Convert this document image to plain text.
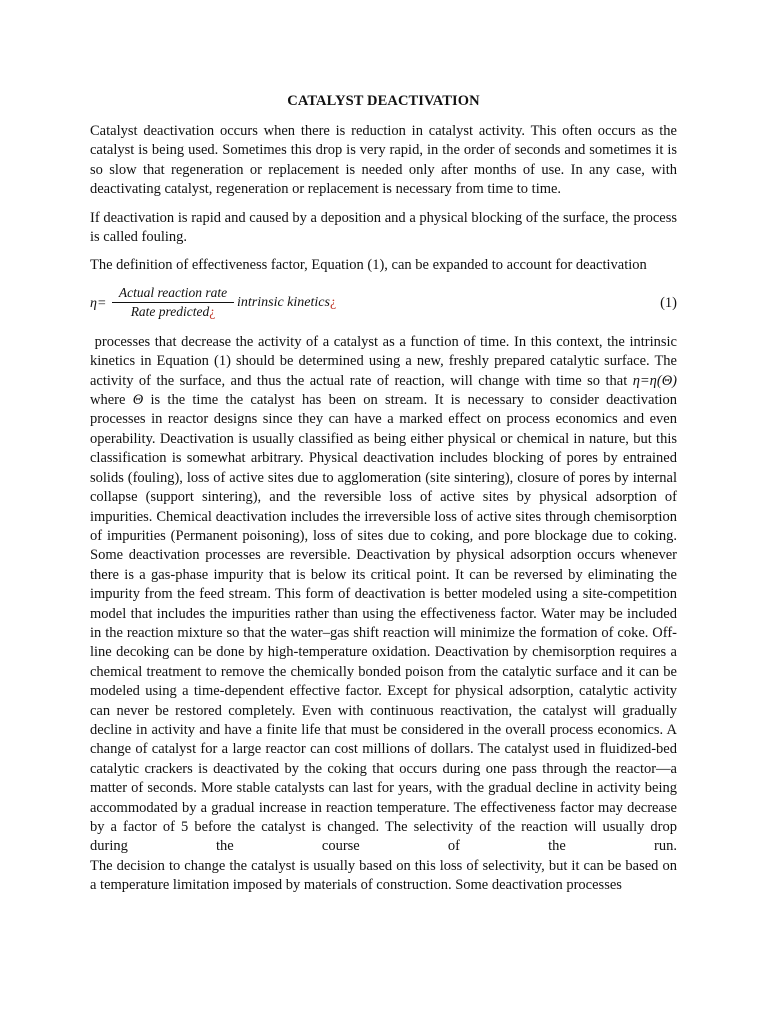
CATALYST DEACTIVATION

Catalyst deactivation occurs when there is reduction in catalyst activity. This often occurs as the catalyst is being used. Sometimes this drop is very rapid, in the order of seconds and sometimes it is so slow that regeneration or replacement is needed only after months of use. In any case, with deactivating catalyst, regeneration or replacement is necessary from time to time.

If deactivation is rapid and caused by a deposition and a physical blocking of the surface, the process is called fouling.

The definition of effectiveness factor, Equation (1), can be expanded to account for deactivation

η=
Actual reaction rate
Rate predicted¿
intrinsic kinetics¿	(1)

processes that decrease the activity of a catalyst as a function of time. In this context, the intrinsic kinetics in Equation (1) should be determined using a new, freshly prepared catalytic surface. The activity of the surface, and thus the actual rate of reaction, will change with time so that η=η(Θ) where Θ is the time the catalyst has been on stream. It is necessary to consider deactivation processes in reactor designs since they can have a marked effect on process economics and even operability. Deactivation is usually classified as being either physical or chemical in nature, but this classification is somewhat arbitrary. Physical deactivation includes blocking of pores by entrained solids (fouling), loss of active sites due to agglomeration (site sintering), closure of pores by internal collapse (support sintering), and the reversible loss of active sites by physical adsorption of impurities. Chemical deactivation includes the irreversible loss of active sites through chemisorption of impurities (Permanent poisoning), loss of sites due to coking, and pore blockage due to coking. Some deactivation processes are reversible. Deactivation by physical adsorption occurs whenever there is a gas-phase impurity that is below its critical point. It can be reversed by eliminating the impurity from the feed stream. This form of deactivation is better modeled using a site-competition model that includes the impurities rather than using the effectiveness factor. Water may be included in the reaction mixture so that the water–gas shift reaction will minimize the formation of coke. Off-line decoking can be done by high-temperature oxidation. Deactivation by chemisorption requires a chemical treatment to remove the chemically bonded poison from the catalytic surface and it can be modeled using a time-dependent effective factor. Except for physical adsorption, catalytic activity can never be restored completely. Even with continuous reactivation, the catalyst will gradually decline in activity and have a finite life that must be considered in the overall process economics. A change of catalyst for a large reactor can cost millions of dollars. The catalyst used in fluidized-bed catalytic crackers is deactivated by the coking that occurs during one pass through the reactor—a matter of seconds. More stable catalysts can last for years, with the gradual decline in activity being accommodated by a gradual increase in reaction temperature. The effectiveness factor may decrease by a factor of 5 before the catalyst is changed. The selectivity of the reaction will usually drop during the course of the run.

The decision to change the catalyst is usually based on this loss of selectivity, but it can be based on a temperature limitation imposed by materials of construction. Some deactivation processes
